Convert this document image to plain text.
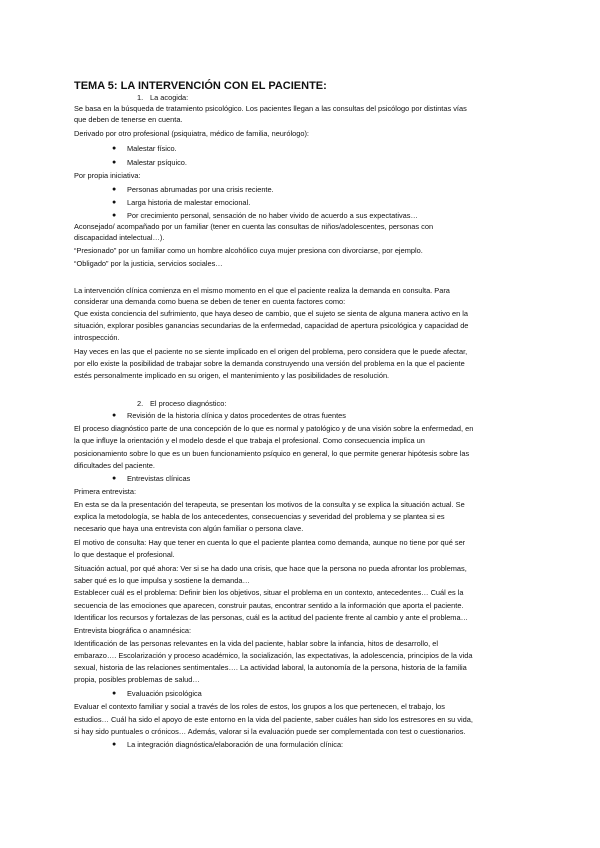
TEMA 5: LA INTERVENCIÓN CON EL PACIENTE:
1. La acogida:
Se basa en la búsqueda de tratamiento psicológico. Los pacientes llegan a las consultas del psicólogo por distintas vías
que deben de tenerse en cuenta.
Derivado por otro profesional (psiquiatra, médico de familia, neurólogo):
●	Malestar físico.
●	Malestar psíquico.
Por propia iniciativa:
●	Personas abrumadas por una crisis reciente.
●	Larga historia de malestar emocional.
●	Por crecimiento personal, sensación de no haber vivido de acuerdo a sus expectativas…
Aconsejado/ acompañado por un familiar (tener en cuenta las consultas de niños/adolescentes, personas con
discapacidad intelectual…).
“Presionado” por un familiar como un hombre alcohólico cuya mujer presiona con divorciarse, por ejemplo.
“Obligado” por la justicia, servicios sociales…
La intervención clínica comienza en el mismo momento en el que el paciente realiza la demanda en consulta. Para
considerar una demanda como buena se deben de tener en cuenta factores como:
Que exista conciencia del sufrimiento, que haya deseo de cambio, que el sujeto se sienta de alguna manera activo en la
situación, explorar posibles ganancias secundarias de la enfermedad, capacidad de apertura psicológica y capacidad de
introspección.
Hay veces en las que el paciente no se siente implicado en el origen del problema, pero considera que le puede afectar,
por ello existe la posibilidad de trabajar sobre la demanda construyendo una versión del problema en la que el paciente
estés personalmente implicado en su origen, el mantenimiento y las posibilidades de resolución.
2. El proceso diagnóstico:
●	Revisión de la historia clínica y datos procedentes de otras fuentes
El proceso diagnóstico parte de una concepción de lo que es normal y patológico y de una visión sobre la enfermedad, en
la que influye la orientación y el modelo desde el que trabaja el profesional. Como consecuencia implica un
posicionamiento sobre lo que es un buen funcionamiento psíquico en general, lo que permite generar hipótesis sobre las
dificultades del paciente.
●	Entrevistas clínicas
Primera entrevista:
En esta se da la presentación del terapeuta, se presentan los motivos de la consulta y se explica la situación actual. Se
explica la metodología, se habla de los antecedentes, consecuencias y severidad del problema y se plantea si es
necesario que haya una entrevista con algún familiar o persona clave.
El motivo de consulta: Hay que tener en cuenta lo que el paciente plantea como demanda, aunque no tiene por qué ser
lo que destaque el profesional.
Situación actual, por qué ahora: Ver si se ha dado una crisis, que hace que la persona no pueda afrontar los problemas,
saber qué es lo que impulsa y sostiene la demanda…
Establecer cuál es el problema: Definir bien los objetivos, situar el problema en un contexto, antecedentes… Cuál es la
secuencia de las emociones que aparecen, construir pautas, encontrar sentido a la información que aporta el paciente.
Identificar los recursos y fortalezas de las personas, cuál es la actitud del paciente frente al cambio y ante el problema…
Entrevista biográfica o anamnésica:
Identificación de las personas relevantes en la vida del paciente, hablar sobre la infancia, hitos de desarrollo, el
embarazo…. Escolarización y proceso académico, la socialización, las expectativas, la adolescencia, principios de la vida
sexual, historia de las relaciones sentimentales…. La actividad laboral, la autonomía de la persona, historia de la familia
propia, posibles problemas de salud…
●	Evaluación psicológica
Evaluar el contexto familiar y social a través de los roles de estos, los grupos a los que pertenecen, el trabajo, los
estudios… Cuál ha sido el apoyo de este entorno en la vida del paciente, saber cuáles han sido los estresores en su vida,
si hay sido puntuales o crónicos… Además, valorar si la evaluación puede ser complementada con test o cuestionarios.
●	La integración diagnóstica/elaboración de una formulación clínica:
